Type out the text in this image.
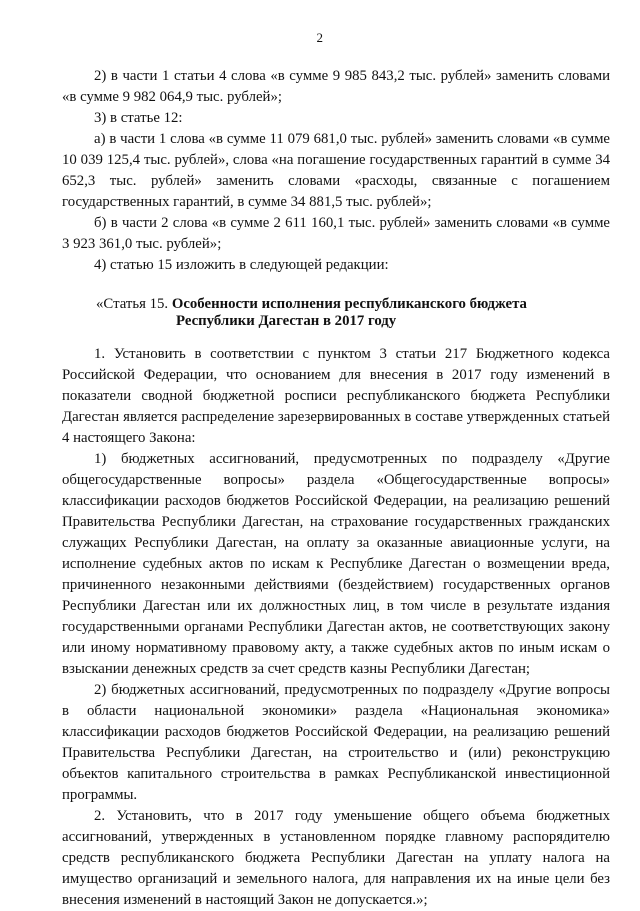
2

2) в части 1 статьи 4 слова «в сумме 9 985 843,2 тыс. рублей» заменить словами «в сумме 9 982 064,9 тыс. рублей»;

3) в статье 12:

а) в части 1 слова «в сумме 11 079 681,0 тыс. рублей» заменить словами «в сумме 10 039 125,4 тыс. рублей», слова «на погашение государственных гарантий в сумме 34 652,3 тыс. рублей» заменить словами «расходы, связанные с погашением государственных гарантий, в сумме 34 881,5 тыс. рублей»;

б) в части 2 слова «в сумме 2 611 160,1 тыс. рублей» заменить словами «в сумме 3 923 361,0 тыс. рублей»;

4) статью 15 изложить в следующей редакции:

«Статья 15. Особенности исполнения республиканского бюджета
Республики Дагестан в 2017 году

1. Установить в соответствии с пунктом 3 статьи 217 Бюджетного кодекса Российской Федерации, что основанием для внесения в 2017 году изменений в показатели сводной бюджетной росписи республиканского бюджета Республики Дагестан является распределение зарезервированных в составе утвержденных статьей 4 настоящего Закона:

1) бюджетных ассигнований, предусмотренных по подразделу «Другие общегосударственные вопросы» раздела «Общегосударственные вопросы» классификации расходов бюджетов Российской Федерации, на реализацию решений Правительства Республики Дагестан, на страхование государственных гражданских служащих Республики Дагестан, на оплату за оказанные авиационные услуги, на исполнение судебных актов по искам к Республике Дагестан о возмещении вреда, причиненного незаконными действиями (бездействием) государственных органов Республики Дагестан или их должностных лиц, в том числе в результате издания государственными органами Республики Дагестан актов, не соответствующих закону или иному нормативному правовому акту, а также судебных актов по иным искам о взыскании денежных средств за счет средств казны Республики Дагестан;

2) бюджетных ассигнований, предусмотренных по подразделу «Другие вопросы в области национальной экономики» раздела «Национальная экономика» классификации расходов бюджетов Российской Федерации, на реализацию решений Правительства Республики Дагестан, на строительство и (или) реконструкцию объектов капитального строительства в рамках Республиканской инвестиционной программы.

2. Установить, что в 2017 году уменьшение общего объема бюджетных ассигнований, утвержденных в установленном порядке главному распорядителю средств республиканского бюджета Республики Дагестан на уплату налога на имущество организаций и земельного налога, для направления их на иные цели без внесения изменений в настоящий Закон не допускается.»;
